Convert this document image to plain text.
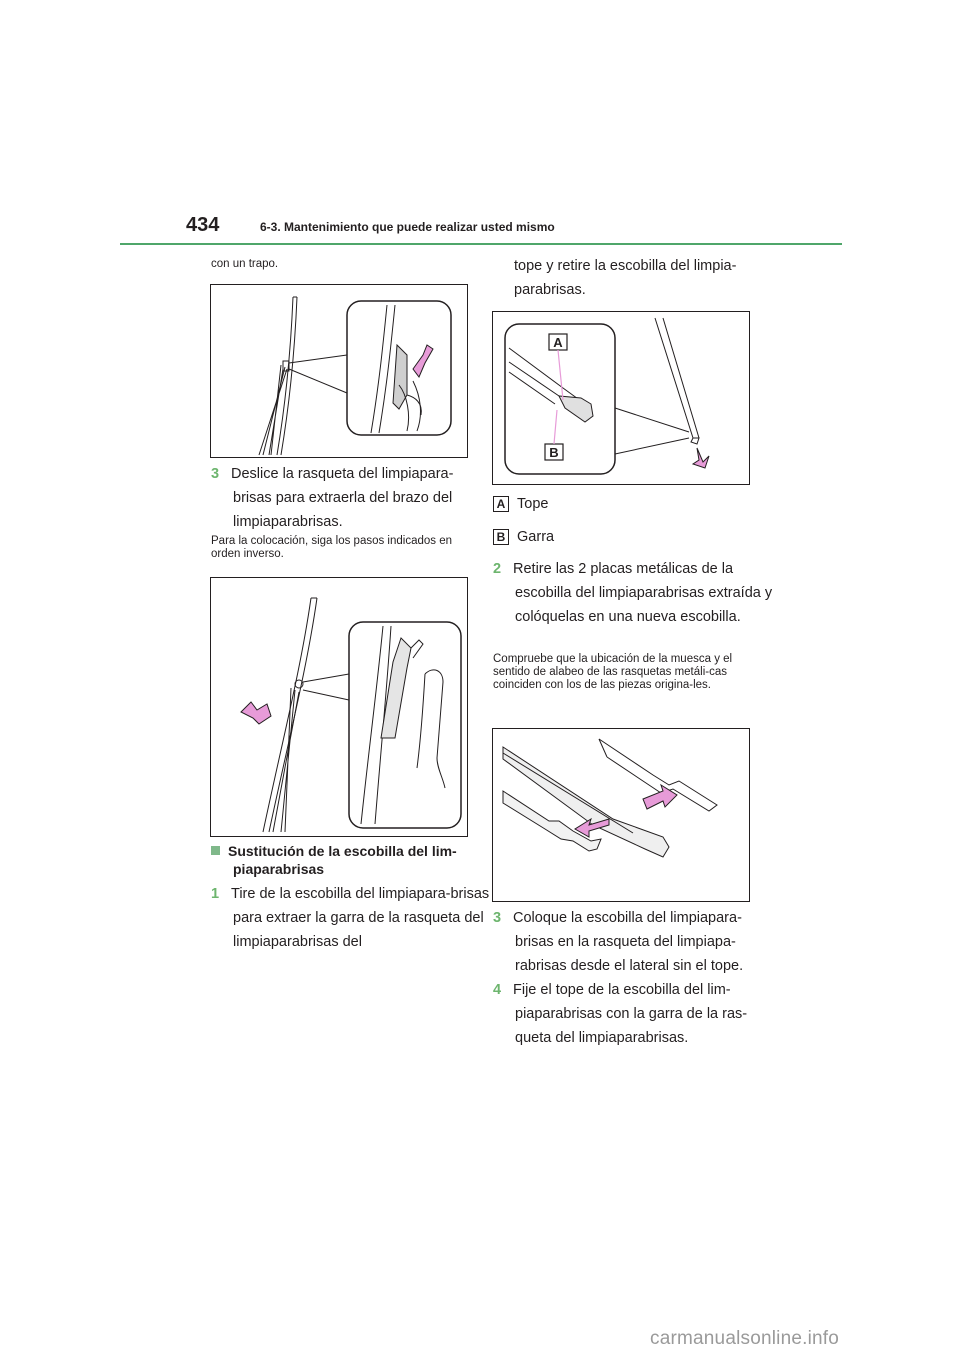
434	6-3. Mantenimiento que puede realizar usted mismo
con un trapo.
3 Deslice la rasqueta del limpiapara-brisas para extraerla del brazo del limpiaparabrisas.
Para la colocación, siga los pasos indicados en orden inverso.
Sustitución de la escobilla del lim-piaparabrisas
1 Tire de la escobilla del limpiapara-brisas para extraer la garra de la rasqueta del limpiaparabrisas del
tope y retire la escobilla del limpia-parabrisas.
A
B
A Tope
B Garra
2 Retire las 2 placas metálicas de la escobilla del limpiaparabrisas extraída y colóquelas en una nueva escobilla.
Compruebe que la ubicación de la muesca y el sentido de alabeo de las rasquetas metáli-cas coinciden con los de las piezas origina-les.
3 Coloque la escobilla del limpiapara-brisas en la rasqueta del limpiapa-rabrisas desde el lateral sin el tope.
4 Fije el tope de la escobilla del lim-piaparabrisas con la garra de la ras-queta del limpiaparabrisas.
carmanualsonline.info
